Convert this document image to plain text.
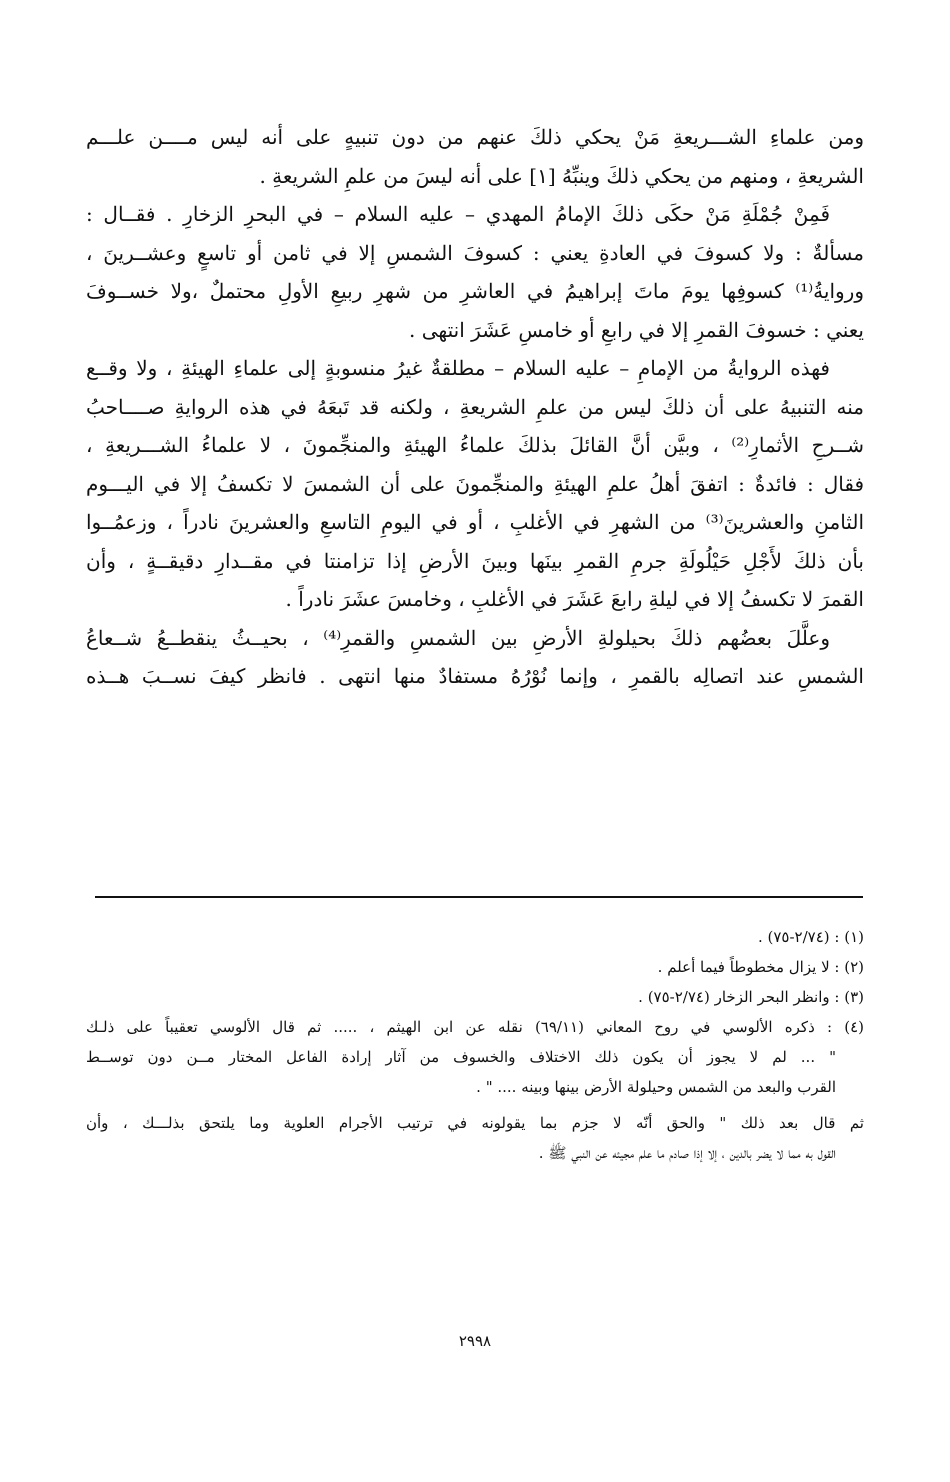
ومن علماءِ الشـــريعةِ مَنْ يحكي ذلكَ عنهم من دون تنبيهٍ على أنه ليس مــــن علـــم
الشريعةِ ، ومنهم من يحكي ذلكَ وينبِّهُ [١] على أنه ليسَ من علمِ الشريعةِ .
فَمِنْ جُمْلَةِ مَنْ حكَى ذلكَ الإمامُ المهدي – عليه السلام – في البحرِ الزخارِ . فقــال :
مسألةٌ : ولا كسوفَ في العادةِ يعني : كسوفَ الشمسِ إلا في ثامن أو تاسعٍ وعشــرينَ ،
وروايةُ⁽¹⁾ كسوفِها يومَ ماتَ إبراهيمُ في العاشرِ من شهرِ ربيعِ الأولِ محتملٌ ،ولا خســوفَ
يعني : خسوفَ القمرِ إلا في رابعِ أو خامسِ عَشَرَ انتهى .
فهذه الروايةُ من الإمامِ – عليه السلام – مطلقةٌ غيرُ منسوبةٍ إلى علماءِ الهيئةِ ، ولا وقــع
منه التنبيهُ على أن ذلكَ ليس من علمِ الشريعةِ ، ولكنه قد تَبعَهُ في هذه الروايةِ صــــاحبُ
شــرحِ الأثمارِ⁽²⁾ ، وبيَّن أنَّ القائلَ بذلكَ علماءُ الهيئةِ والمنجِّمونَ ، لا علماءُ الشـــريعةِ ،
فقال : فائدةٌ : اتفقَ أهلُ علمِ الهيئةِ والمنجِّمونَ على أن الشمسَ لا تكسفُ إلا في اليـــوم
الثامنِ والعشرينَ⁽³⁾ من الشهرِ في الأغلبِ ، أو في اليومِ التاسعِ والعشرينَ نادراً ، وزعمُــوا
بأن ذلكَ لأَجْلِ حَيْلُولَةِ جرمِ القمرِ بينَها وبينَ الأرضِ إذا تزامنتا في مقــدارِ دقيقــةٍ ، وأن
القمرَ لا تكسفُ إلا في ليلةِ رابعَ عَشَرَ في الأغلبِ ، وخامسَ عشَرَ نادراً .
وعلَّلَ بعضُهم ذلكَ بحيلولةِ الأرضِ بين الشمسِ والقمرِ⁽⁴⁾ ، بحيــثُ ينقطــعُ شــعاعُ
الشمسِ عند اتصالِه بالقمرِ ، وإنما نُوْرُهُ مستفادٌ منها انتهى . فانظر كيفَ نســبَ هــذه
(١) : (٢/٧٤-٧٥) .
(٢) : لا يزال مخطوطاً فيما أعلم .
(٣) : وانظر البحر الزخار (٢/٧٤-٧٥) .
(٤) : ذكره الألوسي في روح المعاني (٦٩/١١) نقله عن ابن الهيثم ، ..... ثم قال الألوسي تعقيباً على ذلـك
" ... لم لا يجوز أن يكون ذلك الاختلاف والخسوف من آثار إرادة الفاعل المختار مــن دون توســط
القرب والبعد من الشمس وحيلولة الأرض بينها وبينه .... " .
ثم قال بعد ذلك " والحق أنّه لا جزم بما يقولونه في ترتيب الأجرام العلوية وما يلتحق بذلـــك ، وأن
القول به مما لا يضر بالدين ، إلا إذا صادم ما علم مجيئه عن النبي ﷺ .
٢٩٩٨
